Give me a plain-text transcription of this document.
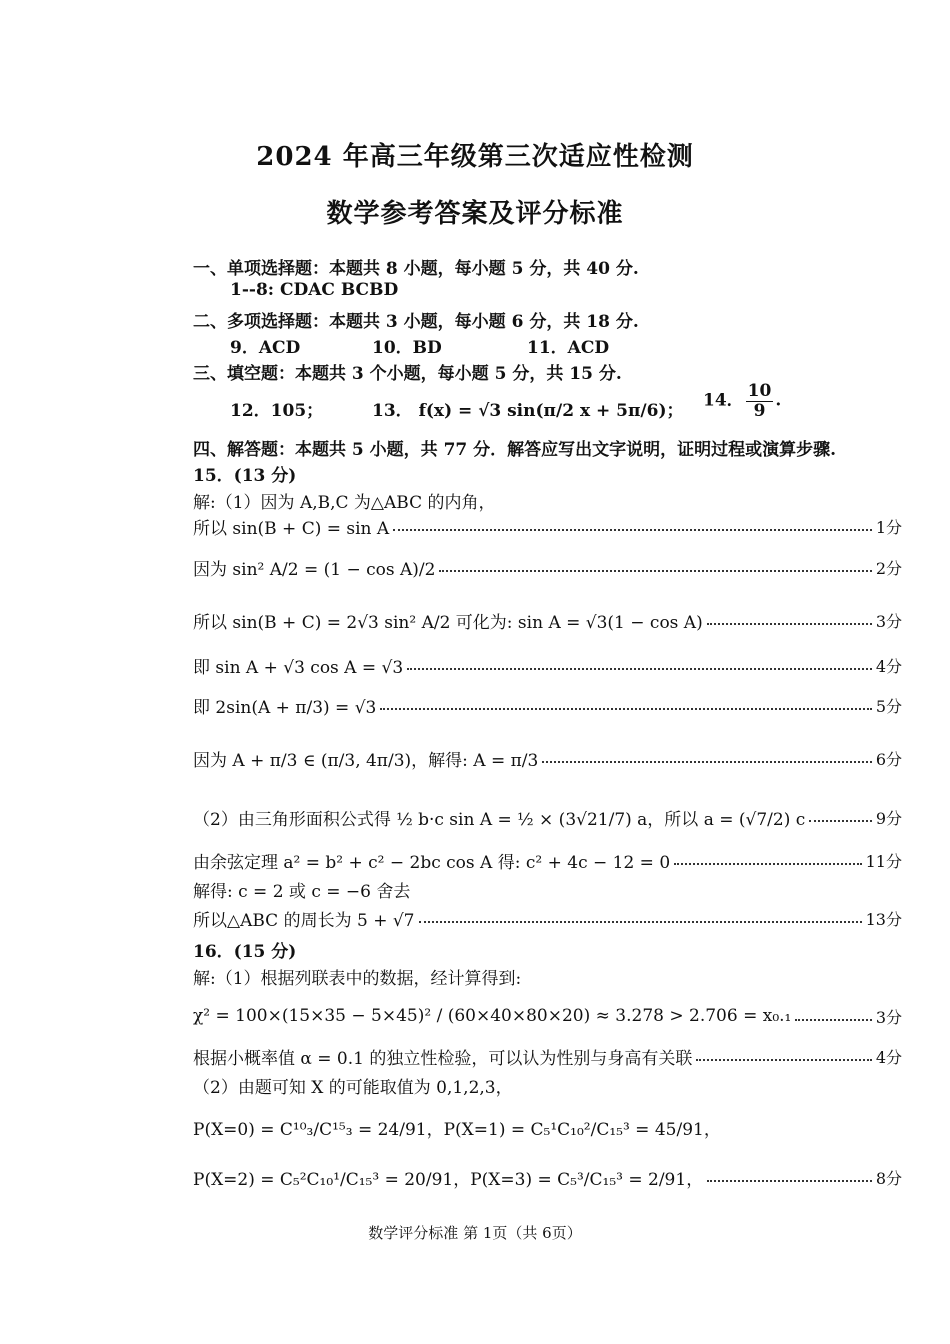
2024 年高三年级第三次适应性检测
数学参考答案及评分标准
一、单项选择题：本题共 8 小题，每小题 5 分，共 40 分.
1--8: CDAC BCBD
二、多项选择题：本题共 3 小题，每小题 6 分，共 18 分.
9．ACD	10．BD	11．ACD
三、填空题：本题共 3 个小题，每小题 5 分，共 15 分.
12．105；	13． f(x) = √3 sin(π/2 x + 5π/6)；
14． $\frac{10}{9}$ .
四、解答题：本题共 5 小题，共 77 分．解答应写出文字说明，证明过程或演算步骤.
15．(13 分)
解:（1）因为 A,B,C 为△ABC 的内角，
所以 sin(B + C) = sin A	1分
因为 sin² A/2 = (1 − cos A)/2	2分
所以 sin(B + C) = 2√3 sin² A/2 可化为: sin A = √3(1 − cos A)	3分
即 sin A + √3 cos A = √3	4分
即 2sin(A + π/3) = √3	5分
因为 A + π/3 ∈ (π/3, 4π/3)，解得: A = π/3	6分
（2）由三角形面积公式得 ½ b·c sin A = ½ × (3√21/7) a，所以 a = (√7/2) c	9分
由余弦定理 a² = b² + c² − 2bc cos A 得: c² + 4c − 12 = 0	11分
解得: c = 2 或 c = −6 舍去
所以△ABC 的周长为 5 + √7	13分
16．(15 分)
解:（1）根据列联表中的数据，经计算得到:
χ² = 100×(15×35 − 5×45)² / (60×40×80×20) ≈ 3.278 > 2.706 = x₀.₁	3分
根据小概率值 α = 0.1 的独立性检验，可以认为性别与身高有关联	4分
（2）由题可知 X 的可能取值为 0,1,2,3，
P(X=0) = C¹⁰₃/C¹⁵₃ = 24/91，P(X=1) = C₅¹C₁₀²/C₁₅³ = 45/91，
P(X=2) = C₅²C₁₀¹/C₁₅³ = 20/91，P(X=3) = C₅³/C₁₅³ = 2/91，	8分
数学评分标准 第 1页（共 6页）
